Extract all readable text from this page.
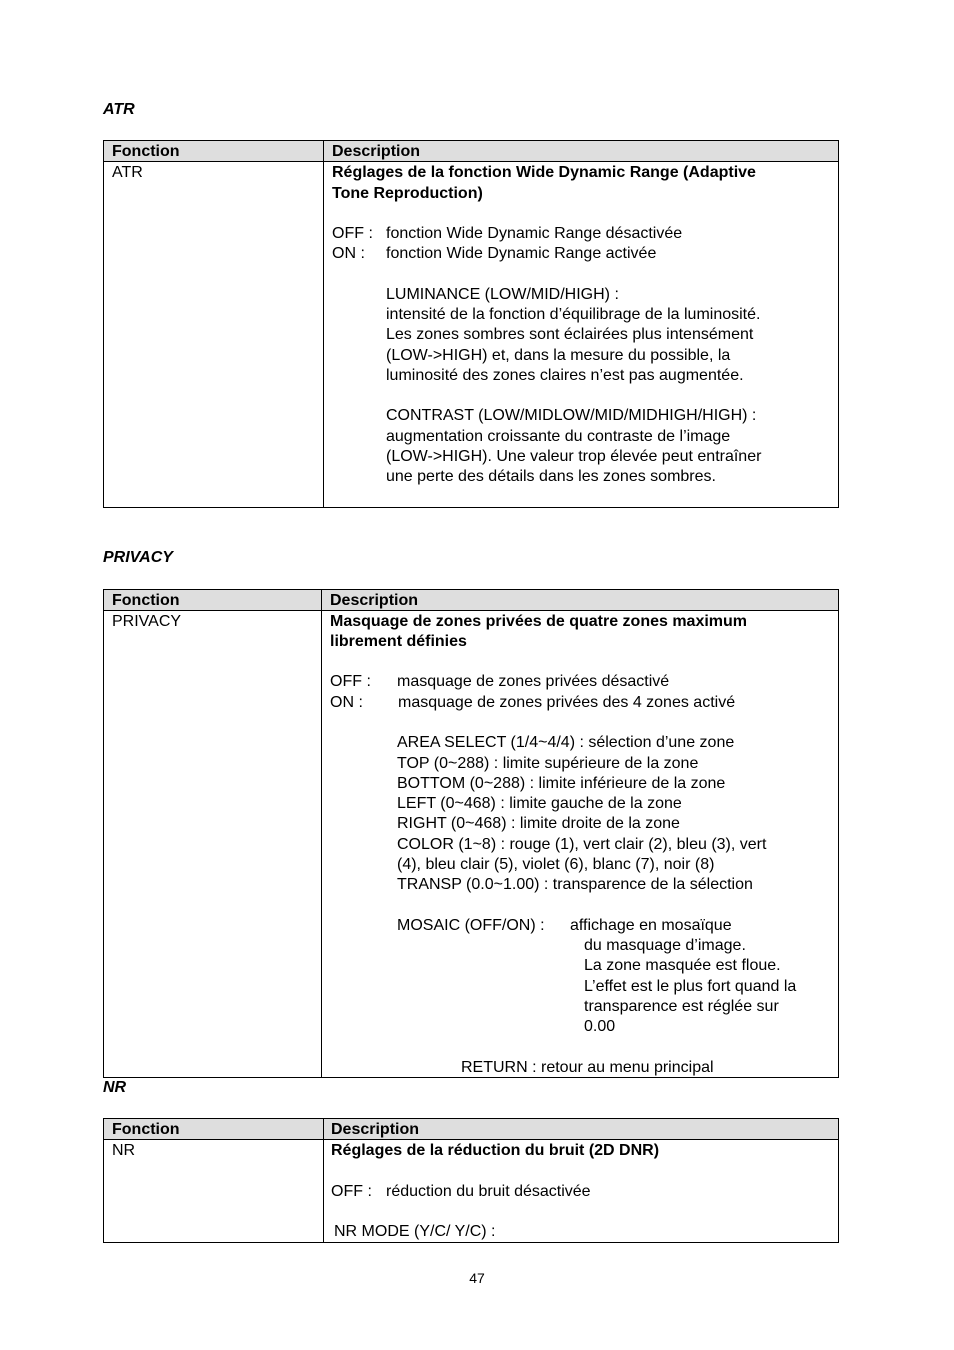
ATR
Fonction	Description
ATR	Réglages de la fonction Wide Dynamic Range (Adaptive
Tone Reproduction)
OFF : fonction Wide Dynamic Range désactivée
ON : fonction Wide Dynamic Range activée
LUMINANCE (LOW/MID/HIGH) :
intensité de la fonction d’équilibrage de la luminosité.
Les zones sombres sont éclairées plus intensément
(LOW->HIGH) et, dans la mesure du possible, la
luminosité des zones claires n’est pas augmentée.
CONTRAST (LOW/MIDLOW/MID/MIDHIGH/HIGH) :
augmentation croissante du contraste de l’image
(LOW->HIGH). Une valeur trop élevée peut entraîner
une perte des détails dans les zones sombres.
PRIVACY
Fonction	Description
PRIVACY	Masquage de zones privées de quatre zones maximum
librement définies
OFF : masquage de zones privées désactivé
ON : masquage de zones privées des 4 zones activé
AREA SELECT (1/4~4/4) : sélection d’une zone
TOP (0~288) : limite supérieure de la zone
BOTTOM (0~288) : limite inférieure de la zone
LEFT (0~468) : limite gauche de la zone
RIGHT (0~468) : limite droite de la zone
COLOR (1~8) : rouge (1), vert clair (2), bleu (3), vert
(4), bleu clair (5), violet (6), blanc (7), noir (8)
TRANSP (0.0~1.00) : transparence de la sélection
MOSAIC (OFF/ON) : affichage en mosaïque
du masquage d’image.
La zone masquée est floue.
L’effet est le plus fort quand la
transparence est réglée sur
0.00
RETURN : retour au menu principal
NR
Fonction	Description
NR	Réglages de la réduction du bruit (2D DNR)
OFF : réduction du bruit désactivée
NR MODE (Y/C/ Y/C) :
47
